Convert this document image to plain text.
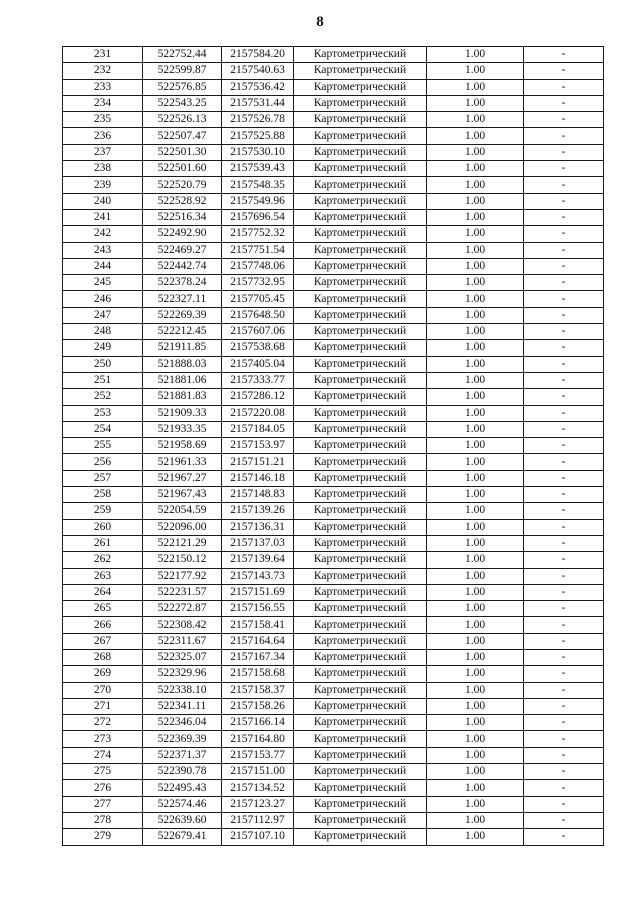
8
231	522752.44	2157584.20	Картометрический	1.00	-
232	522599.87	2157540.63	Картометрический	1.00	-
233	522576.85	2157536.42	Картометрический	1.00	-
234	522543.25	2157531.44	Картометрический	1.00	-
235	522526.13	2157526.78	Картометрический	1.00	-
236	522507.47	2157525.88	Картометрический	1.00	-
237	522501.30	2157530.10	Картометрический	1.00	-
238	522501.60	2157539.43	Картометрический	1.00	-
239	522520.79	2157548.35	Картометрический	1.00	-
240	522528.92	2157549.96	Картометрический	1.00	-
241	522516.34	2157696.54	Картометрический	1.00	-
242	522492.90	2157752.32	Картометрический	1.00	-
243	522469.27	2157751.54	Картометрический	1.00	-
244	522442.74	2157748.06	Картометрический	1.00	-
245	522378.24	2157732.95	Картометрический	1.00	-
246	522327.11	2157705.45	Картометрический	1.00	-
247	522269.39	2157648.50	Картометрический	1.00	-
248	522212.45	2157607.06	Картометрический	1.00	-
249	521911.85	2157538.68	Картометрический	1.00	-
250	521888.03	2157405.04	Картометрический	1.00	-
251	521881.06	2157333.77	Картометрический	1.00	-
252	521881.83	2157286.12	Картометрический	1.00	-
253	521909.33	2157220.08	Картометрический	1.00	-
254	521933.35	2157184.05	Картометрический	1.00	-
255	521958.69	2157153.97	Картометрический	1.00	-
256	521961.33	2157151.21	Картометрический	1.00	-
257	521967.27	2157146.18	Картометрический	1.00	-
258	521967.43	2157148.83	Картометрический	1.00	-
259	522054.59	2157139.26	Картометрический	1.00	-
260	522096.00	2157136.31	Картометрический	1.00	-
261	522121.29	2157137.03	Картометрический	1.00	-
262	522150.12	2157139.64	Картометрический	1.00	-
263	522177.92	2157143.73	Картометрический	1.00	-
264	522231.57	2157151.69	Картометрический	1.00	-
265	522272.87	2157156.55	Картометрический	1.00	-
266	522308.42	2157158.41	Картометрический	1.00	-
267	522311.67	2157164.64	Картометрический	1.00	-
268	522325.07	2157167.34	Картометрический	1.00	-
269	522329.96	2157158.68	Картометрический	1.00	-
270	522338.10	2157158.37	Картометрический	1.00	-
271	522341.11	2157158.26	Картометрический	1.00	-
272	522346.04	2157166.14	Картометрический	1.00	-
273	522369.39	2157164.80	Картометрический	1.00	-
274	522371.37	2157153.77	Картометрический	1.00	-
275	522390.78	2157151.00	Картометрический	1.00	-
276	522495.43	2157134.52	Картометрический	1.00	-
277	522574.46	2157123.27	Картометрический	1.00	-
278	522639.60	2157112.97	Картометрический	1.00	-
279	522679.41	2157107.10	Картометрический	1.00	-
